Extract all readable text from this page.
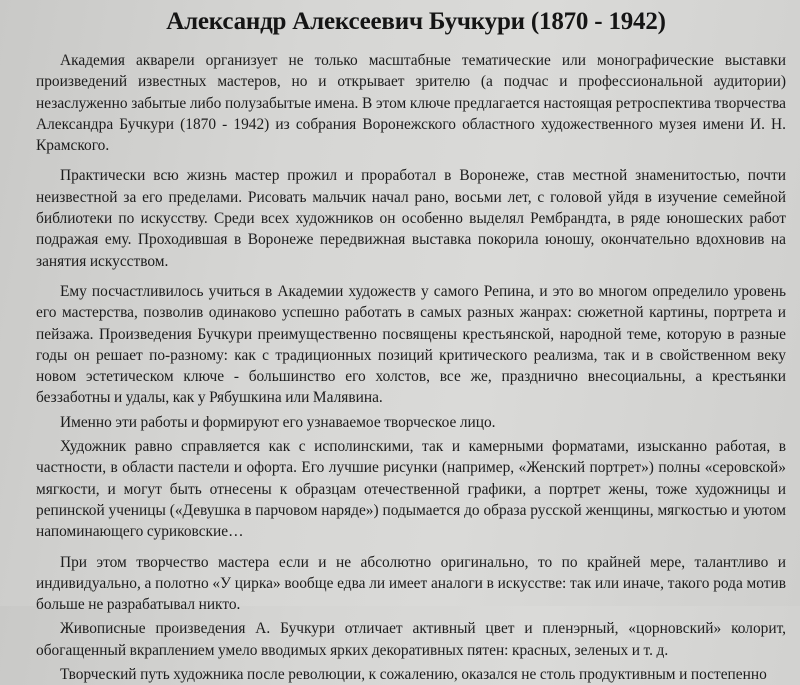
Александр Алексеевич Бучкури (1870 - 1942)

Академия акварели организует не только масштабные тематические или монографические выставки произведений известных мастеров, но и открывает зрителю (а подчас и профессиональной аудитории) незаслуженно забытые либо полузабытые имена. В этом ключе предлагается настоящая ретроспектива творчества Александра Бучкури (1870 - 1942) из собрания Воронежского областного художественного музея имени И. Н. Крамского.

Практически всю жизнь мастер прожил и проработал в Воронеже, став местной знаменитостью, почти неизвестной за его пределами. Рисовать мальчик начал рано, восьми лет, с головой уйдя в изучение семейной библиотеки по искусству. Среди всех художников он особенно выделял Рембрандта, в ряде юношеских работ подражая ему. Проходившая в Воронеже передвижная выставка покорила юношу, окончательно вдохновив на занятия искусством.

Ему посчастливилось учиться в Академии художеств у самого Репина, и это во многом определило уровень его мастерства, позволив одинаково успешно работать в самых разных жанрах: сюжетной картины, портрета и пейзажа. Произведения Бучкури преимущественно посвящены крестьянской, народной теме, которую в разные годы он решает по-разному: как с традиционных позиций критического реализма, так и в свойственном веку новом эстетическом ключе - большинство его холстов, все же, празднично внесоциальны, а крестьянки беззаботны и удалы, как у Рябушкина или Малявина.

Именно эти работы и формируют его узнаваемое творческое лицо.

Художник равно справляется как с исполинскими, так и камерными форматами, изысканно работая, в частности, в области пастели и офорта. Его лучшие рисунки (например, «Женский портрет») полны «серовской» мягкости, и могут быть отнесены к образцам отечественной графики, а портрет жены, тоже художницы и репинской ученицы («Девушка в парчовом наряде») подымается до образа русской женщины, мягкостью и уютом напоминающего суриковские…

При этом творчество мастера если и не абсолютно оригинально, то по крайней мере, талантливо и индивидуально, а полотно «У цирка» вообще едва ли имеет аналоги в искусстве: так или иначе, такого рода мотив больше не разрабатывал никто.

Живописные произведения А. Бучкури отличает активный цвет и пленэрный, «цорновский» колорит, обогащенный вкраплением умело вводимых ярких декоративных пятен: красных, зеленых и т. д.

Творческий путь художника после революции, к сожалению, оказался не столь продуктивным и постепенно
